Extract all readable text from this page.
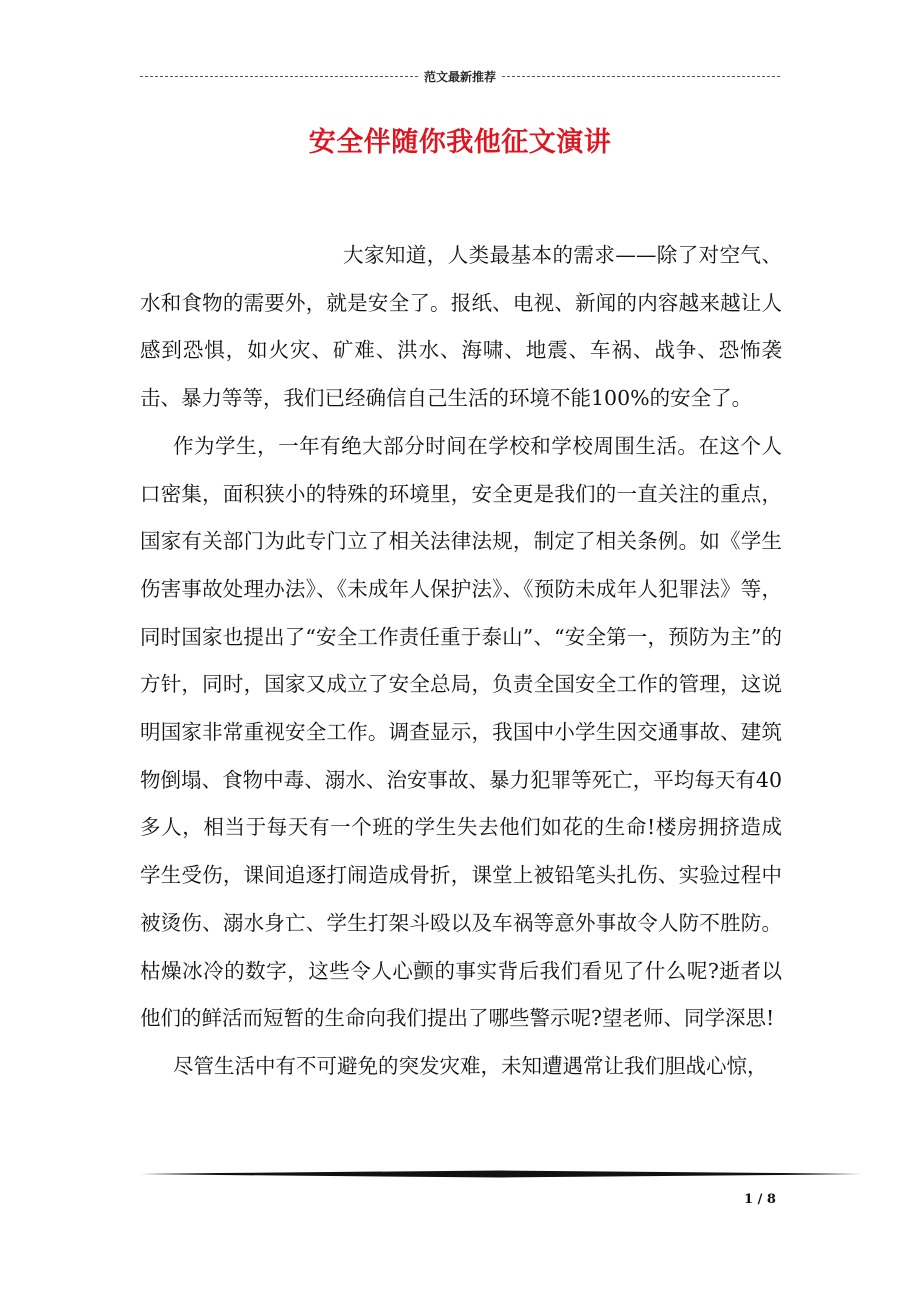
范文最新推荐
安全伴随你我他征文演讲

大家知道，人类最基本的需求——除了对空气、水和食物的需要外，就是安全了。报纸、电视、新闻的内容越来越让人感到恐惧，如火灾、矿难、洪水、海啸、地震、车祸、战争、恐怖袭击、暴力等等，我们已经确信自己生活的环境不能100%的安全了。

作为学生，一年有绝大部分时间在学校和学校周围生活。在这个人口密集，面积狭小的特殊的环境里，安全更是我们的一直关注的重点，国家有关部门为此专门立了相关法律法规，制定了相关条例。如《学生伤害事故处理办法》、《未成年人保护法》、《预防未成年人犯罪法》等，同时国家也提出了“安全工作责任重于泰山”、“安全第一，预防为主”的方针，同时，国家又成立了安全总局，负责全国安全工作的管理，这说明国家非常重视安全工作。调查显示，我国中小学生因交通事故、建筑物倒塌、食物中毒、溺水、治安事故、暴力犯罪等死亡，平均每天有40多人，相当于每天有一个班的学生失去他们如花的生命!楼房拥挤造成学生受伤，课间追逐打闹造成骨折，课堂上被铅笔头扎伤、实验过程中被烫伤、溺水身亡、学生打架斗殴以及车祸等意外事故令人防不胜防。枯燥冰冷的数字，这些令人心颤的事实背后我们看见了什么呢?逝者以他们的鲜活而短暂的生命向我们提出了哪些警示呢?望老师、同学深思!

尽管生活中有不可避免的突发灾难，未知遭遇常让我们胆战心惊，

1 / 8
